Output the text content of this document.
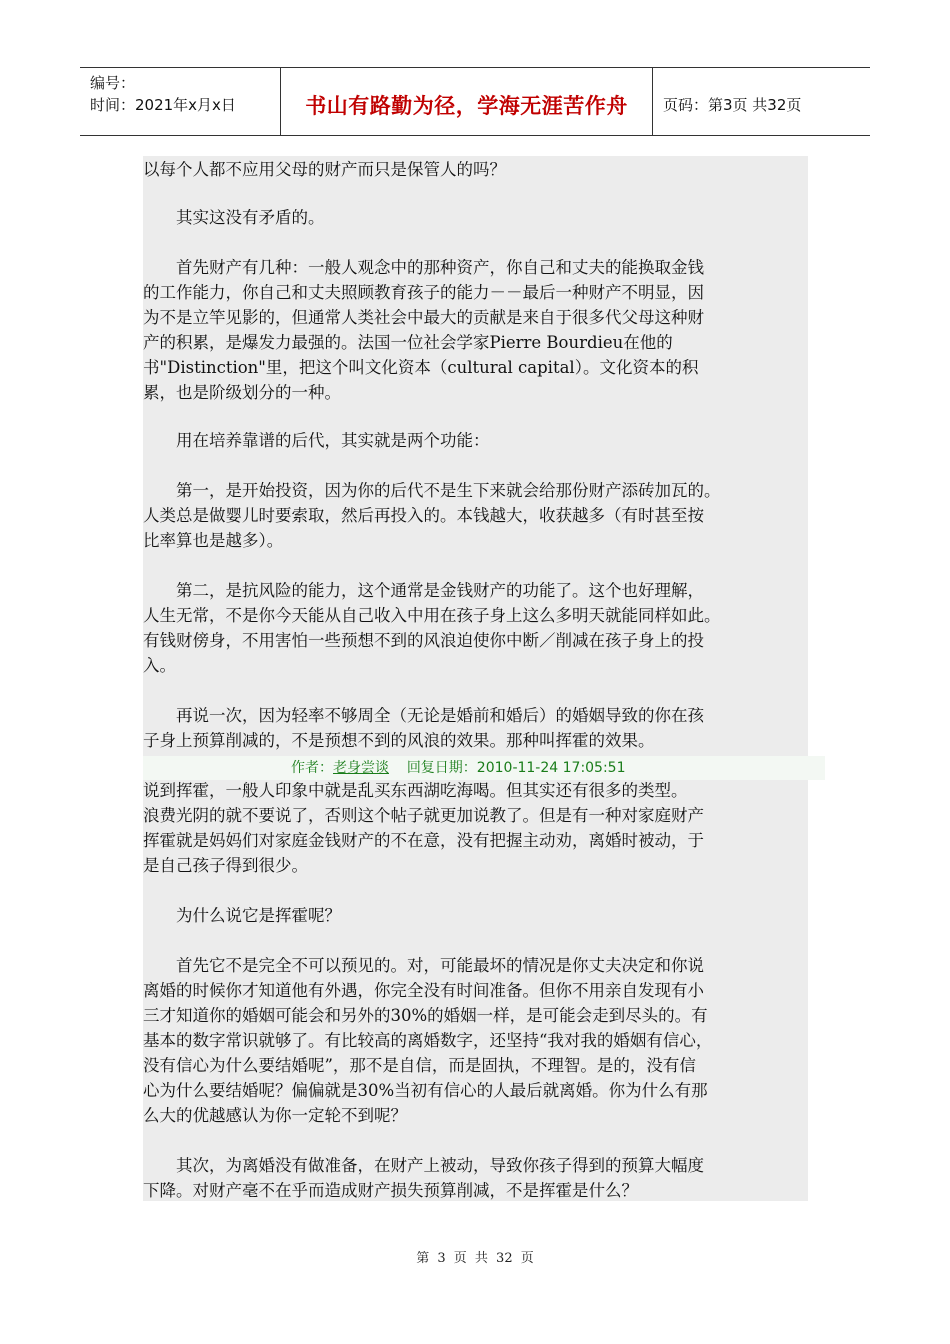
编号：
时间：2021年x月x日	书山有路勤为径，学海无涯苦作舟	页码：第3页 共32页
以每个人都不应用父母的财产而只是保管人的吗？
　　其实这没有矛盾的。
　　首先财产有几种：一般人观念中的那种资产，你自己和丈夫的能换取金钱
的工作能力，你自己和丈夫照顾教育孩子的能力－－最后一种财产不明显，因
为不是立竿见影的，但通常人类社会中最大的贡献是来自于很多代父母这种财
产的积累，是爆发力最强的。法国一位社会学家Pierre Bourdieu在他的
书"Distinction"里，把这个叫文化资本（cultural capital）。文化资本的积
累，也是阶级划分的一种。
　　用在培养靠谱的后代，其实就是两个功能：
　　第一，是开始投资，因为你的后代不是生下来就会给那份财产添砖加瓦的。
人类总是做婴儿时要索取，然后再投入的。本钱越大，收获越多（有时甚至按
比率算也是越多）。
　　第二，是抗风险的能力，这个通常是金钱财产的功能了。这个也好理解，
人生无常，不是你今天能从自己收入中用在孩子身上这么多明天就能同样如此。
有钱财傍身，不用害怕一些预想不到的风浪迫使你中断／削减在孩子身上的投
入。
　　再说一次，因为轻率不够周全（无论是婚前和婚后）的婚姻导致的你在孩
子身上预算削减的，不是预想不到的风浪的效果。那种叫挥霍的效果。
作者：老身尝谈 回复日期：2010-11-24 17:05:51
说到挥霍，一般人印象中就是乱买东西湖吃海喝。但其实还有很多的类型。
浪费光阴的就不要说了，否则这个帖子就更加说教了。但是有一种对家庭财产
挥霍就是妈妈们对家庭金钱财产的不在意，没有把握主动劝，离婚时被动，于
是自己孩子得到很少。
　　为什么说它是挥霍呢？
　　首先它不是完全不可以预见的。对，可能最坏的情况是你丈夫决定和你说
离婚的时候你才知道他有外遇，你完全没有时间准备。但你不用亲自发现有小
三才知道你的婚姻可能会和另外的30%的婚姻一样，是可能会走到尽头的。有
基本的数字常识就够了。有比较高的离婚数字，还坚持“我对我的婚姻有信心，
没有信心为什么要结婚呢”，那不是自信，而是固执，不理智。是的，没有信
心为什么要结婚呢？偏偏就是30%当初有信心的人最后就离婚。你为什么有那
么大的优越感认为你一定轮不到呢？
　　其次，为离婚没有做准备，在财产上被动，导致你孩子得到的预算大幅度
下降。对财产毫不在乎而造成财产损失预算削减，不是挥霍是什么？
第 3 页 共 32 页
